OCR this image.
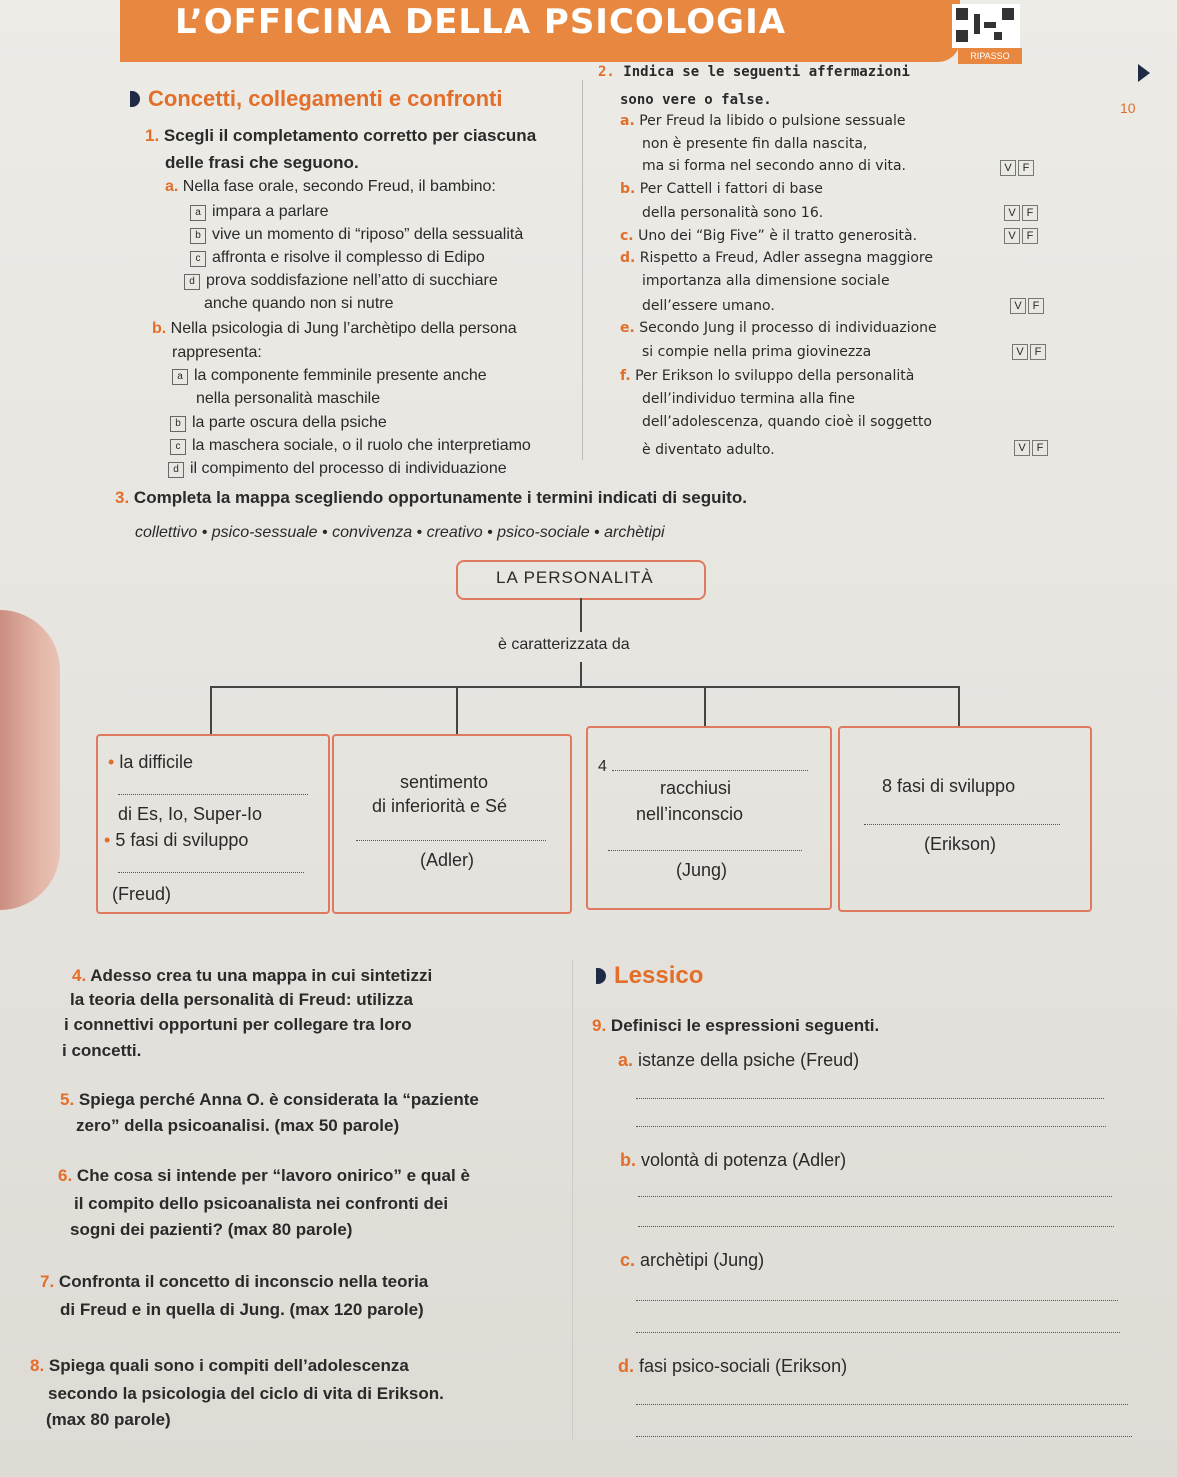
L’OFFICINA DELLA PSICOLOGIA
RIPASSO
10
Concetti, collegamenti e confronti
1. Scegli il completamento corretto per ciascuna
delle frasi che seguono.
a. Nella fase orale, secondo Freud, il bambino:
a impara a parlare
b vive un momento di “riposo” della sessualità
c affronta e risolve il complesso di Edipo
d prova soddisfazione nell’atto di succhiare
anche quando non si nutre
b. Nella psicologia di Jung l’archètipo della persona
rappresenta:
a la componente femminile presente anche
nella personalità maschile
b la parte oscura della psiche
c la maschera sociale, o il ruolo che interpretiamo
d il compimento del processo di individuazione
2. Indica se le seguenti affermazioni
sono vere o false.
a. Per Freud la libido o pulsione sessuale
non è presente fin dalla nascita,
ma si forma nel secondo anno di vita.	V F
b. Per Cattell i fattori di base
della personalità sono 16.	V F
c. Uno dei “Big Five” è il tratto generosità.	V F
d. Rispetto a Freud, Adler assegna maggiore
importanza alla dimensione sociale
dell’essere umano.	V F
e. Secondo Jung il processo di individuazione
si compie nella prima giovinezza	V F
f. Per Erikson lo sviluppo della personalità
dell’individuo termina alla fine
dell’adolescenza, quando cioè il soggetto
è diventato adulto.	V F
3. Completa la mappa scegliendo opportunamente i termini indicati di seguito.
collettivo • psico-sessuale • convivenza • creativo • psico-sociale • archètipi
LA PERSONALITÀ
è caratterizzata da
• la difficile
di Es, Io, Super-Io
• 5 fasi di sviluppo
(Freud)
sentimento
di inferiorità e Sé
(Adler)
4
racchiusi
nell’inconscio
(Jung)
8 fasi di sviluppo
(Erikson)
4. Adesso crea tu una mappa in cui sintetizzi
la teoria della personalità di Freud: utilizza
i connettivi opportuni per collegare tra loro
i concetti.
5. Spiega perché Anna O. è considerata la “paziente
zero” della psicoanalisi. (max 50 parole)
6. Che cosa si intende per “lavoro onirico” e qual è
il compito dello psicoanalista nei confronti dei
sogni dei pazienti? (max 80 parole)
7. Confronta il concetto di inconscio nella teoria
di Freud e in quella di Jung. (max 120 parole)
8. Spiega quali sono i compiti dell’adolescenza
secondo la psicologia del ciclo di vita di Erikson.
(max 80 parole)
Lessico
9. Definisci le espressioni seguenti.
a. istanze della psiche (Freud)
b. volontà di potenza (Adler)
c. archètipi (Jung)
d. fasi psico-sociali (Erikson)
